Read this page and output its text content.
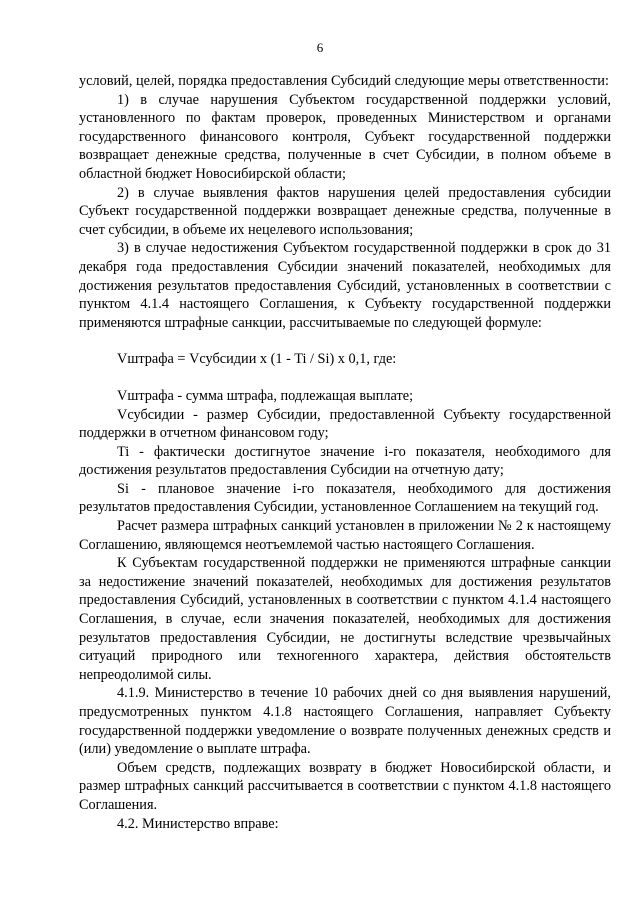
6

условий, целей, порядка предоставления Субсидий следующие меры ответственности:

1) в случае нарушения Субъектом государственной поддержки условий, установленного по фактам проверок, проведенных Министерством и органами государственного финансового контроля, Субъект государственной поддержки возвращает денежные средства, полученные в счет Субсидии, в полном объеме в областной бюджет Новосибирской области;

2) в случае выявления фактов нарушения целей предоставления субсидии Субъект государственной поддержки возвращает денежные средства, полученные в счет субсидии, в объеме их нецелевого использования;

3) в случае недостижения Субъектом государственной поддержки в срок до 31 декабря года предоставления Субсидии значений показателей, необходимых для достижения результатов предоставления Субсидий, установленных в соответствии с пунктом 4.1.4 настоящего Соглашения, к Субъекту государственной поддержки применяются штрафные санкции, рассчитываемые по следующей формуле:

Vштрафа = Vсубсидии x (1 - Ti / Si) x 0,1, где:

Vштрафа - сумма штрафа, подлежащая выплате;

Vсубсидии - размер Субсидии, предоставленной Субъекту государственной поддержки в отчетном финансовом году;

Ti - фактически достигнутое значение i-го показателя, необходимого для достижения результатов предоставления Субсидии на отчетную дату;

Si - плановое значение i-го показателя, необходимого для достижения результатов предоставления Субсидии, установленное Соглашением на текущий год.

Расчет размера штрафных санкций установлен в приложении № 2 к настоящему Соглашению, являющемся неотъемлемой частью настоящего Соглашения.

К Субъектам государственной поддержки не применяются штрафные санкции за недостижение значений показателей, необходимых для достижения результатов предоставления Субсидий, установленных в соответствии с пунктом 4.1.4 настоящего Соглашения, в случае, если значения показателей, необходимых для достижения результатов предоставления Субсидии, не достигнуты вследствие чрезвычайных ситуаций природного или техногенного характера, действия обстоятельств непреодолимой силы.

4.1.9. Министерство в течение 10 рабочих дней со дня выявления нарушений, предусмотренных пунктом 4.1.8 настоящего Соглашения, направляет Субъекту государственной поддержки уведомление о возврате полученных денежных средств и (или) уведомление о выплате штрафа.

Объем средств, подлежащих возврату в бюджет Новосибирской области, и размер штрафных санкций рассчитывается в соответствии с пунктом 4.1.8 настоящего Соглашения.

4.2. Министерство вправе:
